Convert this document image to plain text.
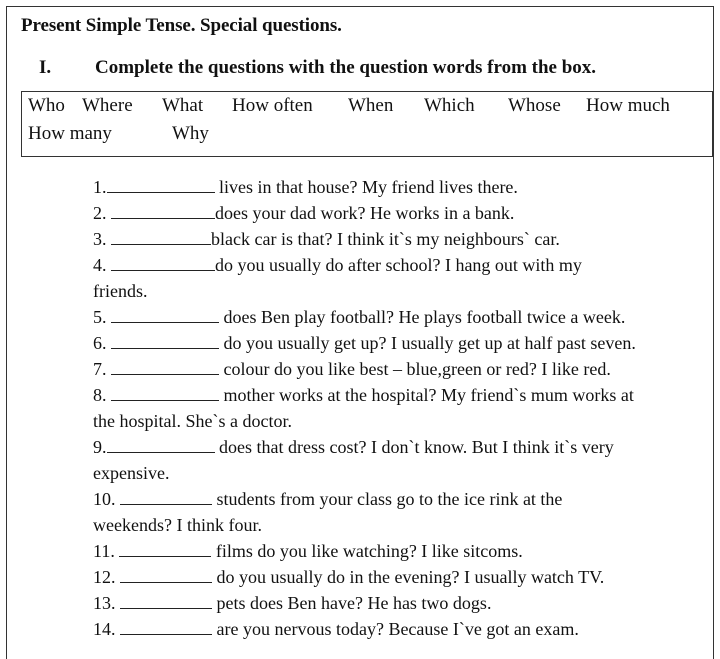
Present Simple Tense. Special questions.
I. Complete the questions with the question words from the box.
Who Where What How often When Which Whose How much
How many	Why
1.	lives in that house? My friend lives there.
2.	does your dad work? He works in a bank.
3.	black car is that? I think it`s my neighbours` car.
4.	do you usually do after school? I hang out with my
friends.
5.	does Ben play football? He plays football twice a week.
6.	do you usually get up? I usually get up at half past seven.
7.	colour do you like best – blue,green or red? I like red.
8.	mother works at the hospital? My friend`s mum works at
the hospital. She`s a doctor.
9.	does that dress cost? I don`t know. But I think it`s very
expensive.
10.	students from your class go to the ice rink at the
weekends? I think four.
11.	films do you like watching? I like sitcoms.
12.	do you usually do in the evening? I usually watch TV.
13.	pets does Ben have? He has two dogs.
14.	are you nervous today? Because I`ve got an exam.
